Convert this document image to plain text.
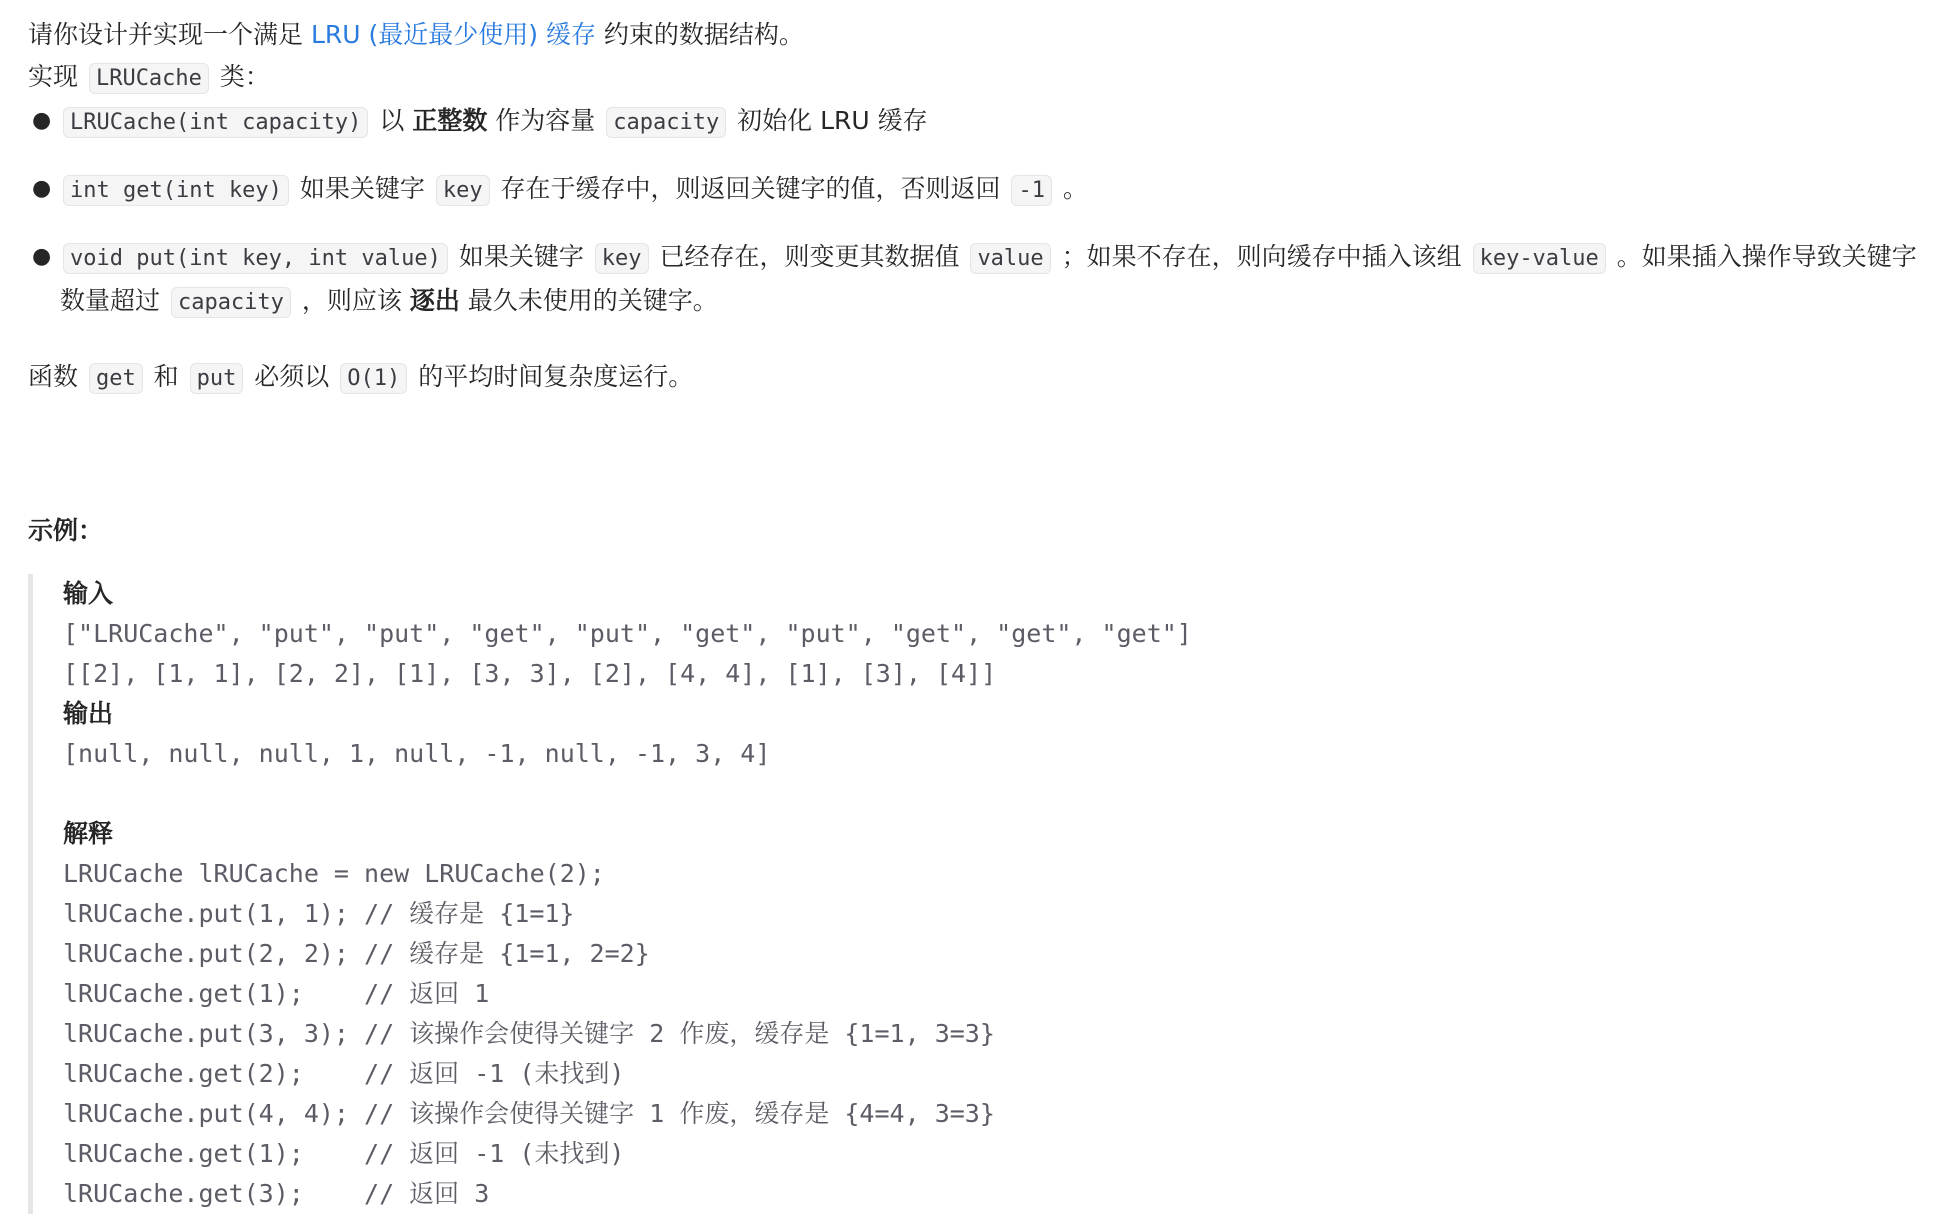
请你设计并实现一个满足 LRU (最近最少使用) 缓存 约束的数据结构。

实现 LRUCache 类：

● LRUCache(int capacity) 以 正整数 作为容量 capacity 初始化 LRU 缓存
● int get(int key) 如果关键字 key 存在于缓存中，则返回关键字的值，否则返回 -1 。
● void put(int key, int value) 如果关键字 key 已经存在，则变更其数据值 value ；如果不存在，则向缓存中插入该组 key-value 。如果插入操作导致关键字数量超过 capacity ，则应该 逐出 最久未使用的关键字。

函数 get 和 put 必须以 O(1) 的平均时间复杂度运行。

示例：

输入
["LRUCache", "put", "put", "get", "put", "get", "put", "get", "get", "get"]
[[2], [1, 1], [2, 2], [1], [3, 3], [2], [4, 4], [1], [3], [4]]
输出
[null, null, null, 1, null, -1, null, -1, 3, 4]
解释
LRUCache lRUCache = new LRUCache(2);
lRUCache.put(1, 1); // 缓存是 {1=1}
lRUCache.put(2, 2); // 缓存是 {1=1, 2=2}
lRUCache.get(1);    // 返回 1
lRUCache.put(3, 3); // 该操作会使得关键字 2 作废，缓存是 {1=1, 3=3}
lRUCache.get(2);    // 返回 -1 (未找到)
lRUCache.put(4, 4); // 该操作会使得关键字 1 作废，缓存是 {4=4, 3=3}
lRUCache.get(1);    // 返回 -1 (未找到)
lRUCache.get(3);    // 返回 3
